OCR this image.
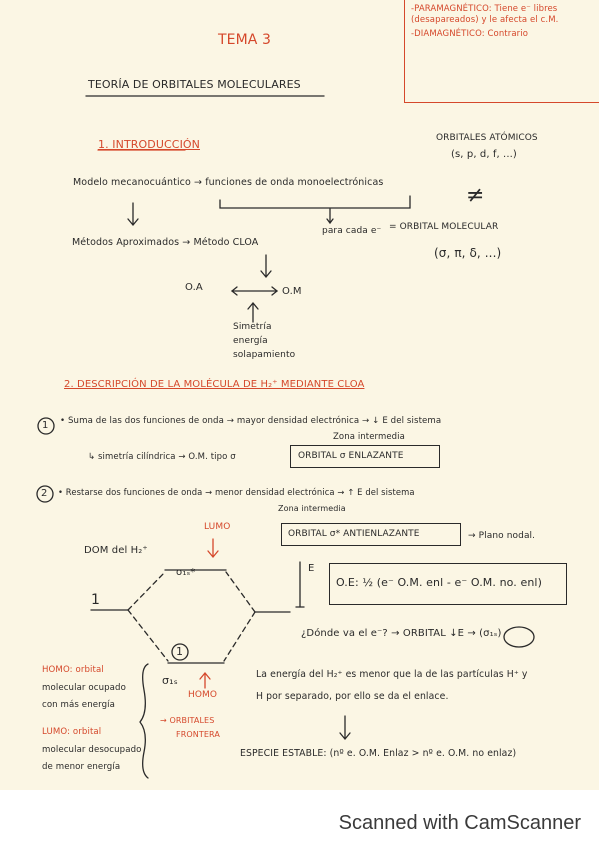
-PARAMAGNÉTICO: Tiene e⁻ libres (desapareados) y le afecta el c.M.
-DIAMAGNÉTICO: Contrario
TEMA 3
TEORÍA DE ORBITALES MOLECULARES
1. INTRODUCCIÓN	ORBITALES ATÓMICOS
(s, p, d, f, ...)
Modelo mecanocuántico → funciones de onda monoelectrónicas
≠
para cada e⁻ = ORBITAL MOLECULAR
(σ, π, δ, ...)
Métodos Aproximados → Método CLOA
O.A	O.M
Simetría
energía
solapamiento
2. DESCRIPCIÓN DE LA MOLÉCULA DE H₂⁺ MEDIANTE CLOA
1 • Suma de las dos funciones de onda → mayor densidad electrónica → ↓ E del sistema
Zona intermedia
↳ simetría cilíndrica → O.M. tipo σ	ORBITAL σ ENLAZANTE
2 • Restarse dos funciones de onda → menor densidad electrónica → ↑ E del sistema
Zona intermedia
ORBITAL σ* ANTIENLAZANTE	→ Plano nodal.
LUMO
DOM del H₂⁺
σ₁ₛ*
1
E
O.E: ½ (e⁻ O.M. enl - e⁻ O.M. no. enl)
¿Dónde va el e⁻? → ORBITAL ↓E → (σ₁ₛ)
1
σ₁ₛ
HOMO
HOMO: orbital
molecular ocupado
con más energía
LUMO: orbital
molecular desocupado
de menor energía
→ ORBITALES
FRONTERA
La energía del H₂⁺ es menor que la de las partículas H⁺ y
H por separado, por ello se da el enlace.
ESPECIE ESTABLE: (nº e. O.M. Enlaz > nº e. O.M. no enlaz)
Scanned with CamScanner
